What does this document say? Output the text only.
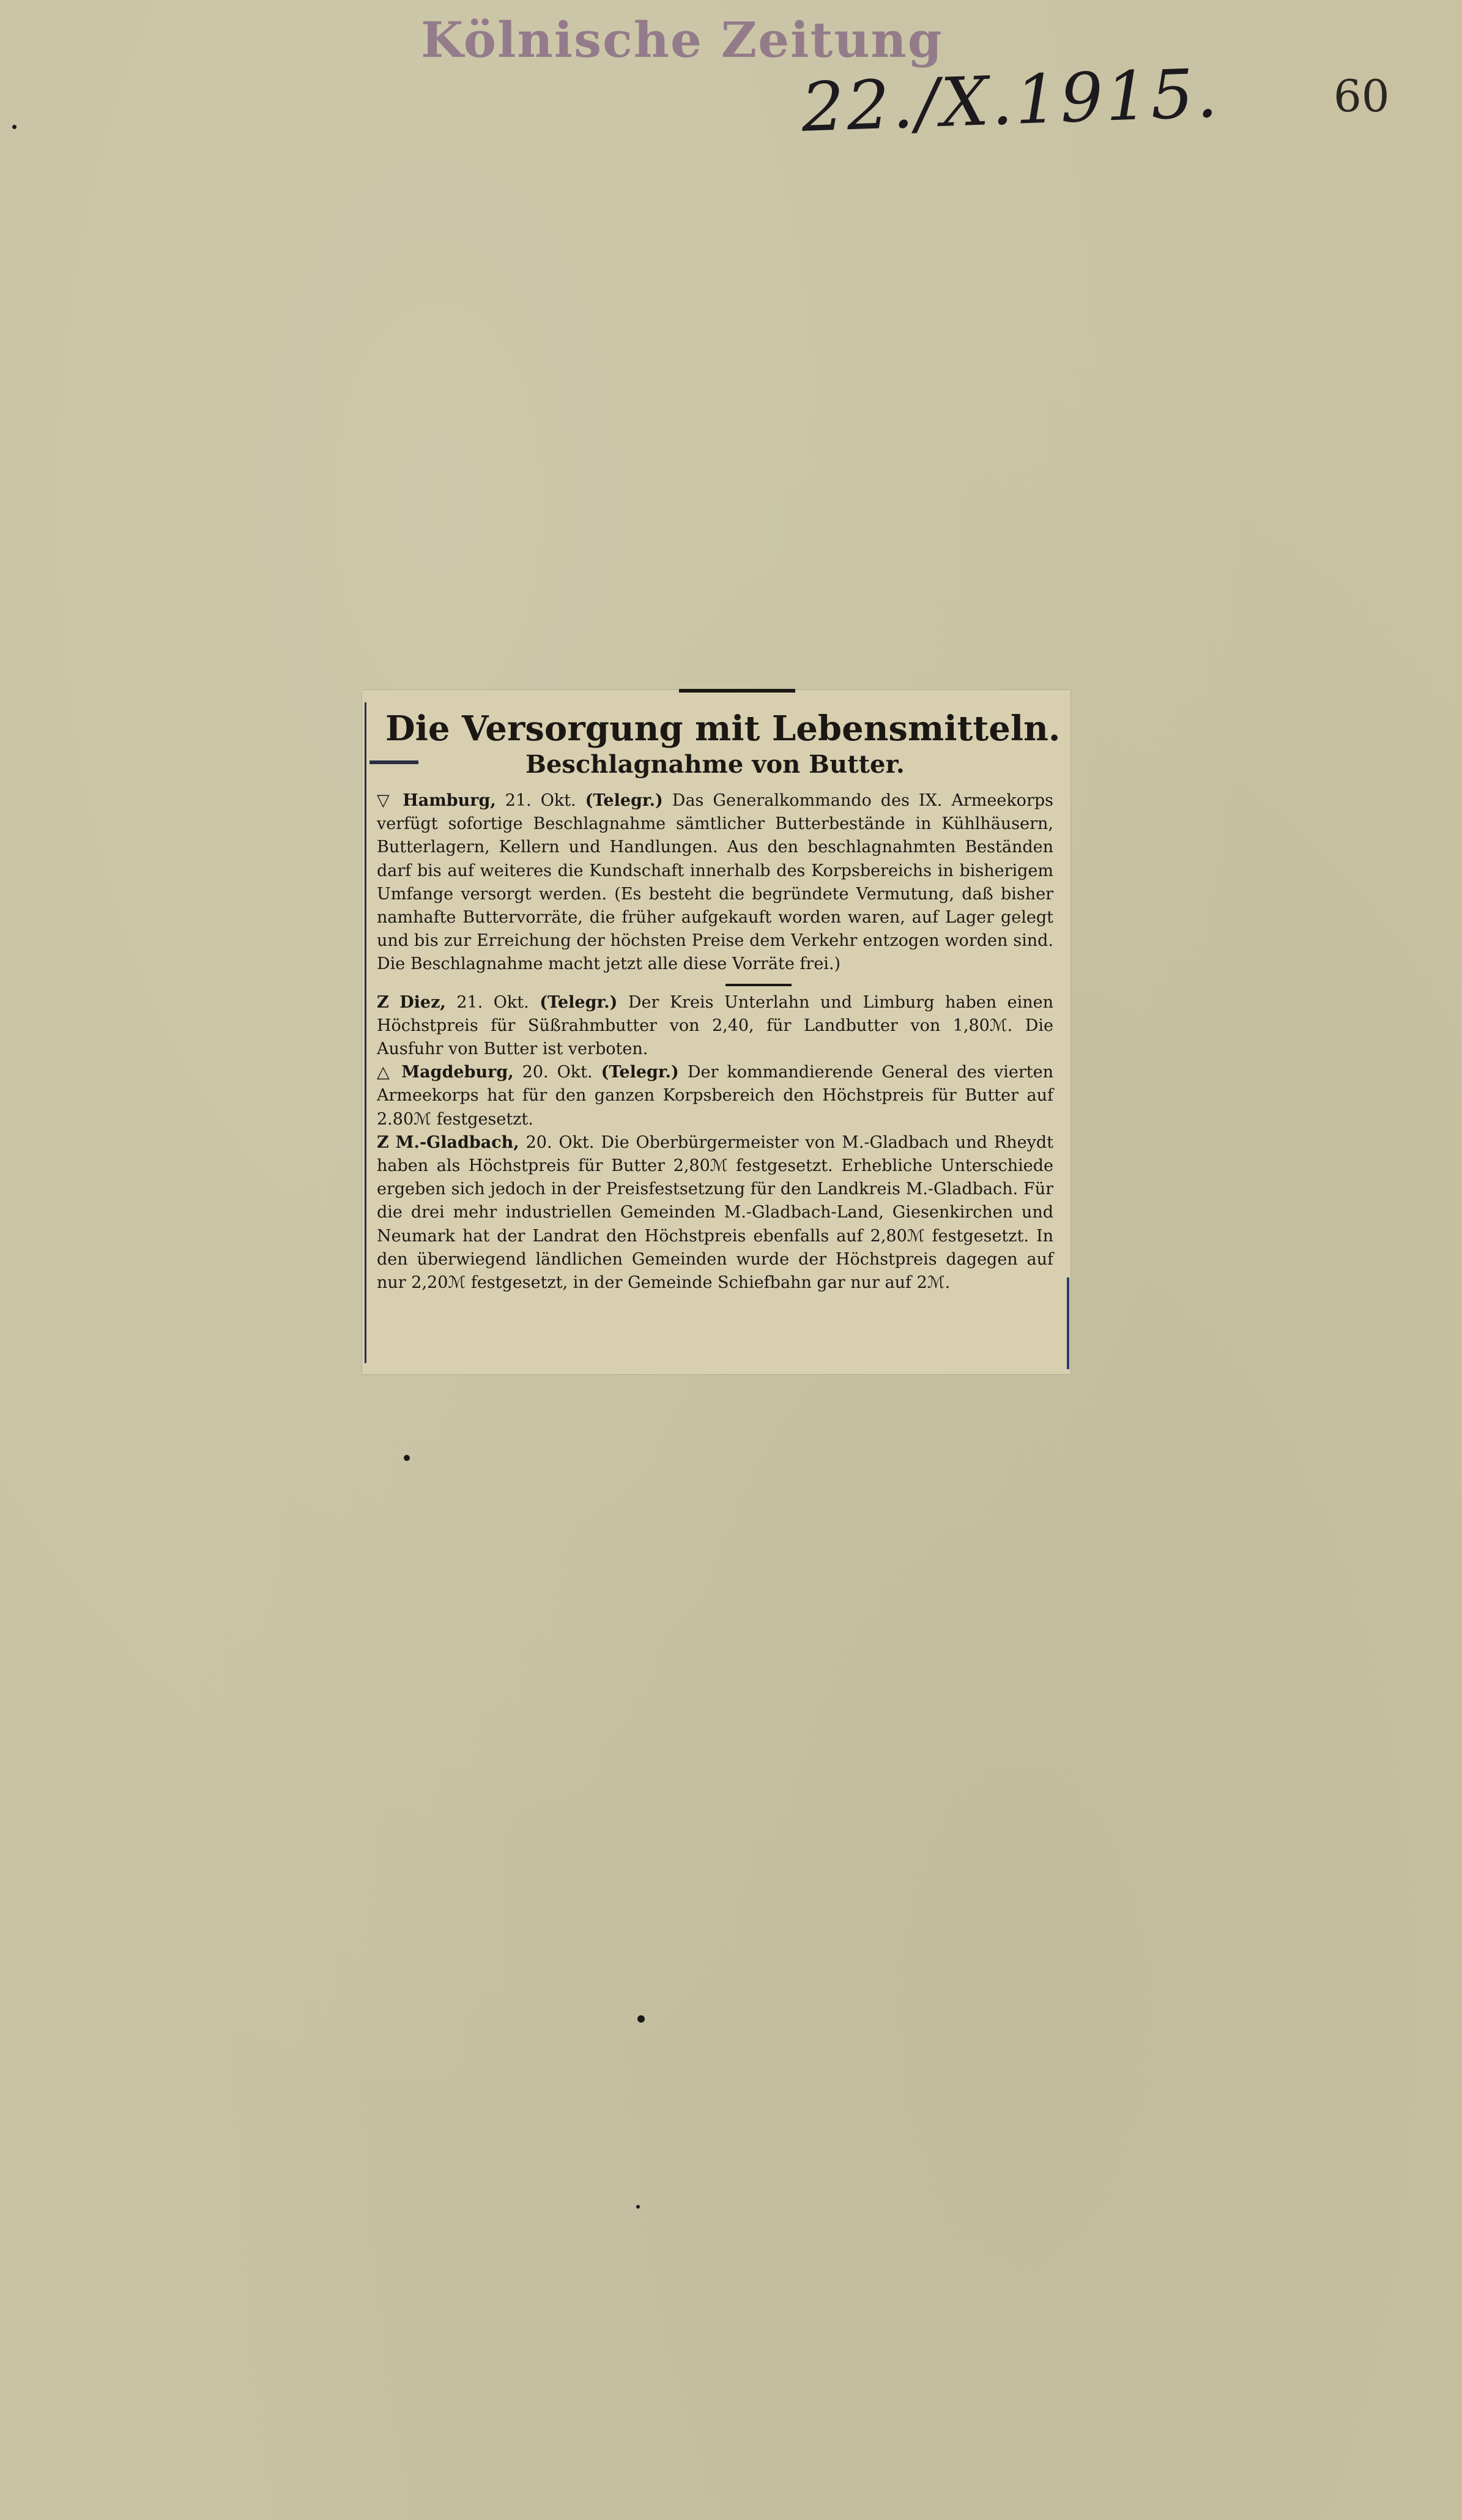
Kölnische Zeitung
22./X.1915.	60
Die Versorgung mit Lebensmitteln.
Beschlagnahme von Butter.

▽ Hamburg, 21. Okt. (Telegr.) Das Generalkommando des IX. Armeekorps verfügt sofortige Beschlagnahme sämtlicher Butterbestände in Kühlhäusern, Butterlagern, Kellern und Handlungen. Aus den beschlagnahmten Beständen darf bis auf weiteres die Kundschaft innerhalb des Korpsbereichs in bisherigem Umfange versorgt werden. (Es besteht die begründete Vermutung, daß bisher namhafte Buttervorräte, die früher aufgekauft worden waren, auf Lager gelegt und bis zur Erreichung der höchsten Preise dem Verkehr entzogen worden sind. Die Beschlagnahme macht jetzt alle diese Vorräte frei.)

Z Diez, 21. Okt. (Telegr.) Der Kreis Unterlahn und Limburg haben einen Höchstpreis für Süßrahmbutter von 2,40, für Landbutter von 1,80ℳ. Die Ausfuhr von Butter ist verboten.

△ Magdeburg, 20. Okt. (Telegr.) Der kommandierende General des vierten Armeekorps hat für den ganzen Korpsbereich den Höchstpreis für Butter auf 2.80ℳ festgesetzt.

Z M.-Gladbach, 20. Okt. Die Oberbürgermeister von M.-Gladbach und Rheydt haben als Höchstpreis für Butter 2,80ℳ festgesetzt. Erhebliche Unterschiede ergeben sich jedoch in der Preisfestsetzung für den Landkreis M.-Gladbach. Für die drei mehr industriellen Gemeinden M.-Gladbach-Land, Giesenkirchen und Neumark hat der Landrat den Höchstpreis ebenfalls auf 2,80ℳ festgesetzt. In den überwiegend ländlichen Gemeinden wurde der Höchstpreis dagegen auf nur 2,20ℳ festgesetzt, in der Gemeinde Schiefbahn gar nur auf 2ℳ.
